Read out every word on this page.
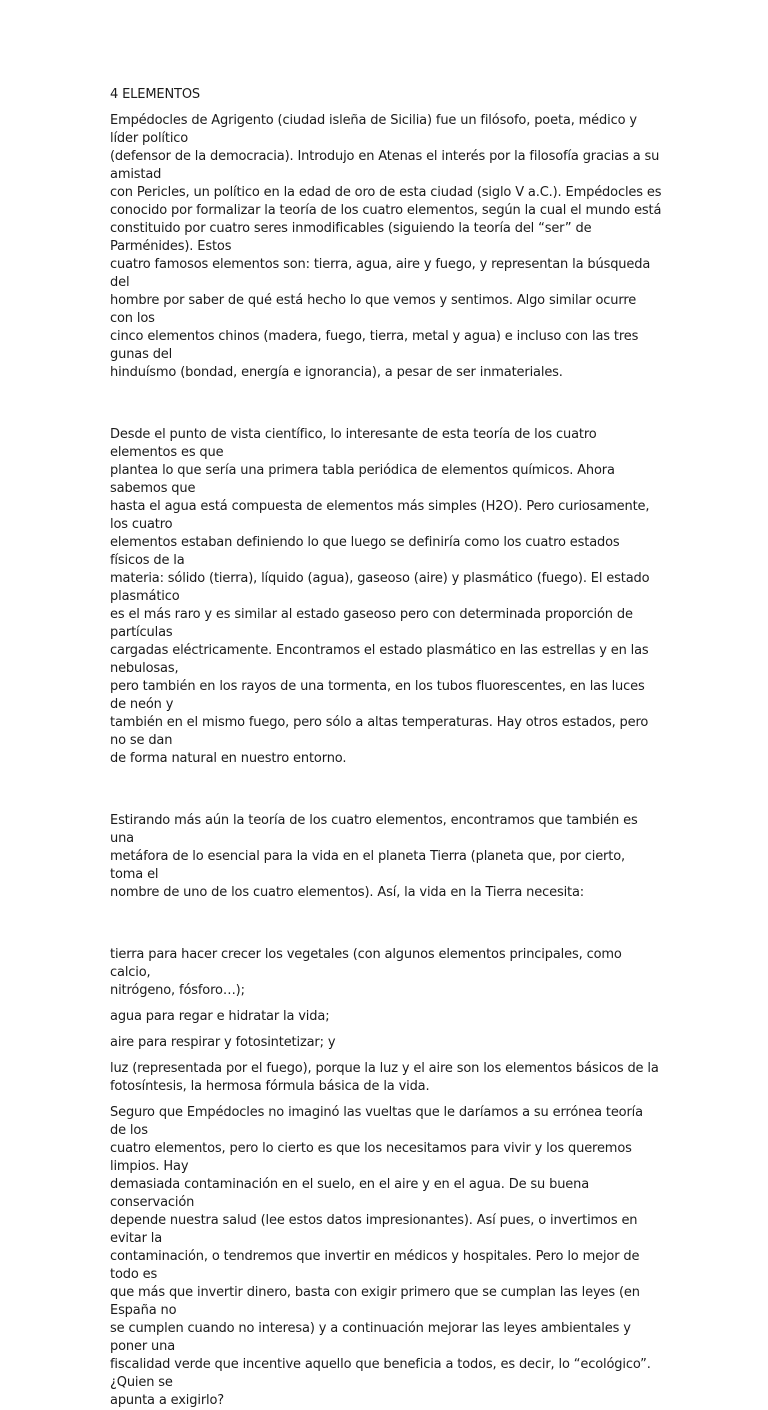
4 ELEMENTOS

Empédocles de Agrigento (ciudad isleña de Sicilia) fue un filósofo, poeta, médico y líder político
(defensor de la democracia). Introdujo en Atenas el interés por la filosofía gracias a su amistad
con Pericles, un político en la edad de oro de esta ciudad (siglo V a.C.). Empédocles es
conocido por formalizar la teoría de los cuatro elementos, según la cual el mundo está
constituido por cuatro seres inmodificables (siguiendo la teoría del “ser” de Parménides). Estos
cuatro famosos elementos son: tierra, agua, aire y fuego, y representan la búsqueda del
hombre por saber de qué está hecho lo que vemos y sentimos. Algo similar ocurre con los
cinco elementos chinos (madera, fuego, tierra, metal y agua) e incluso con las tres gunas del
hinduísmo (bondad, energía e ignorancia), a pesar de ser inmateriales.

Desde el punto de vista científico, lo interesante de esta teoría de los cuatro elementos es que
plantea lo que sería una primera tabla periódica de elementos químicos. Ahora sabemos que
hasta el agua está compuesta de elementos más simples (H2O). Pero curiosamente, los cuatro
elementos estaban definiendo lo que luego se definiría como los cuatro estados físicos de la
materia: sólido (tierra), líquido (agua), gaseoso (aire) y plasmático (fuego). El estado plasmático
es el más raro y es similar al estado gaseoso pero con determinada proporción de partículas
cargadas eléctricamente. Encontramos el estado plasmático en las estrellas y en las nebulosas,
pero también en los rayos de una tormenta, en los tubos fluorescentes, en las luces de neón y
también en el mismo fuego, pero sólo a altas temperaturas. Hay otros estados, pero no se dan
de forma natural en nuestro entorno.

Estirando más aún la teoría de los cuatro elementos, encontramos que también es una
metáfora de lo esencial para la vida en el planeta Tierra (planeta que, por cierto, toma el
nombre de uno de los cuatro elementos). Así, la vida en la Tierra necesita:

tierra para hacer crecer los vegetales (con algunos elementos principales, como calcio,
nitrógeno, fósforo…);

agua para regar e hidratar la vida;

aire para respirar y fotosintetizar; y

luz (representada por el fuego), porque la luz y el aire son los elementos básicos de la
fotosíntesis, la hermosa fórmula básica de la vida.

Seguro que Empédocles no imaginó las vueltas que le daríamos a su errónea teoría de los
cuatro elementos, pero lo cierto es que los necesitamos para vivir y los queremos limpios. Hay
demasiada contaminación en el suelo, en el aire y en el agua. De su buena conservación
depende nuestra salud (lee estos datos impresionantes). Así pues, o invertimos en evitar la
contaminación, o tendremos que invertir en médicos y hospitales. Pero lo mejor de todo es
que más que invertir dinero, basta con exigir primero que se cumplan las leyes (en España no
se cumplen cuando no interesa) y a continuación mejorar las leyes ambientales y poner una
fiscalidad verde que incentive aquello que beneficia a todos, es decir, lo “ecológico”. ¿Quien se
apunta a exigirlo?
